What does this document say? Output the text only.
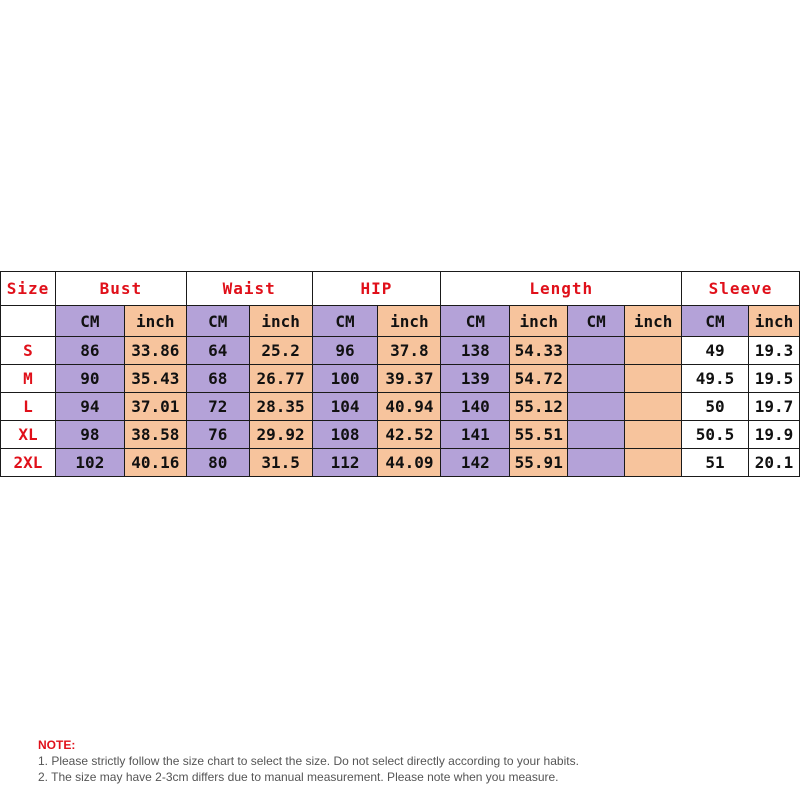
Size	Bust		Waist		HIP		Length				Sleeve	
	CM	inch	CM	inch	CM	inch	CM	inch	CM	inch	CM	inch
S	86	33.86	64	25.2	96	37.8	138	54.33			49	19.3
M	90	35.43	68	26.77	100	39.37	139	54.72			49.5	19.5
L	94	37.01	72	28.35	104	40.94	140	55.12			50	19.7
XL	98	38.58	76	29.92	108	42.52	141	55.51			50.5	19.9
2XL	102	40.16	80	31.5	112	44.09	142	55.91			51	20.1
NOTE:
1. Please strictly follow the size chart to select the size. Do not select directly according to your habits.
2. The size may have 2-3cm differs due to manual measurement. Please note when you measure.
